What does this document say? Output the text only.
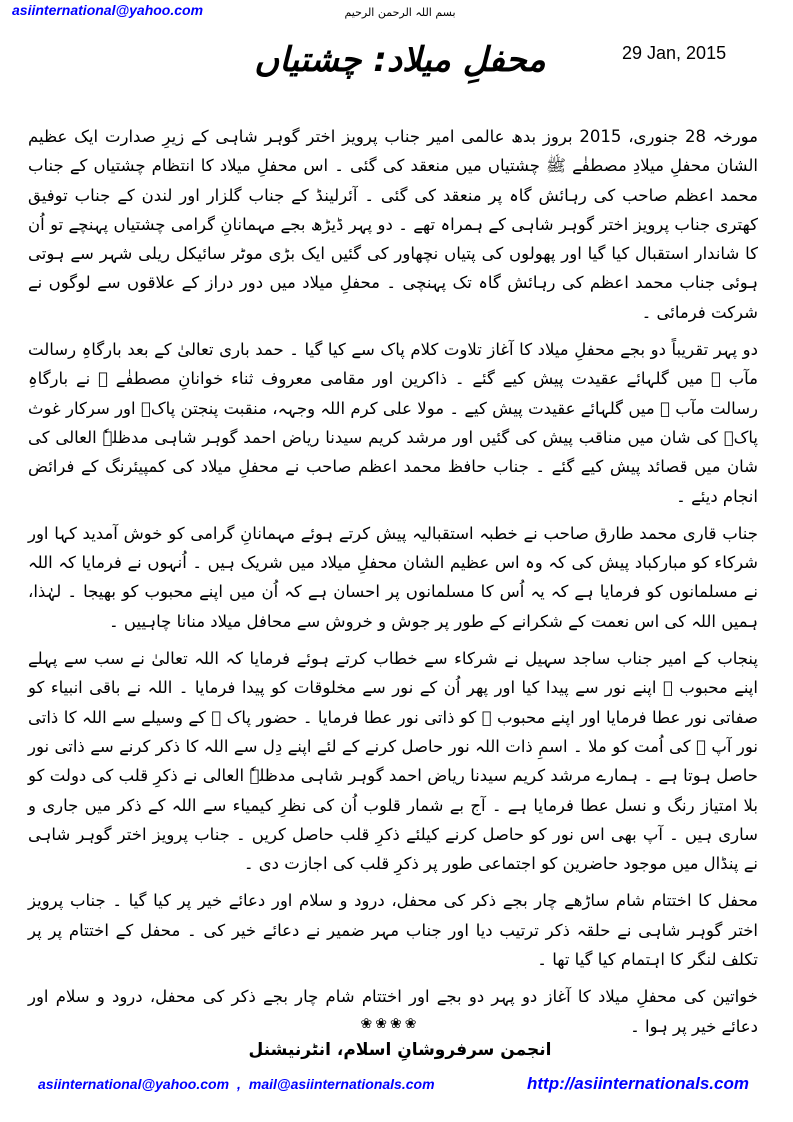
asiinternational@yahoo.com	بسم اللہ الرحمن الرحیم
29 Jan, 2015
محفلِ میلاد: چشتیاں

مورخہ 28 جنوری، 2015 بروز بدھ عالمی امیر جناب پرویز اختر گوہر شاہی کے زیرِ صدارت ایک عظیم الشان محفلِ میلادِ مصطفٰے ﷺ چشتیاں میں منعقد کی گئی ۔ اس محفلِ میلاد کا انتظام چشتیاں کے جناب محمد اعظم صاحب کی رہائش گاہ پر منعقد کی گئی ۔ آئرلینڈ کے جناب گلزار اور لندن کے جناب توفیق کھتری جناب پرویز اختر گوہر شاہی کے ہمراہ تھے ۔ دو پہر ڈیڑھ بجے مہمانانِ گرامی چشتیاں پہنچے تو اُن کا شاندار استقبال کیا گیا اور پھولوں کی پتیاں نچھاور کی گئیں ایک بڑی موٹر سائیکل ریلی شہر سے ہوتی ہوئی جناب محمد اعظم کی رہائش گاہ تک پہنچی ۔ محفلِ میلاد میں دور دراز کے علاقوں سے لوگوں نے شرکت فرمائی ۔

دو پہر تقریباً دو بجے محفلِ میلاد کا آغاز تلاوت کلام پاک سے کیا گیا ۔ حمد باری تعالیٰ کے بعد بارگاہِ رسالت مآب ﷺ میں گلہائے عقیدت پیش کیے گئے ۔ ذاکرین اور مقامی معروف ثناء خوانانِ مصطفٰے ﷺ نے بارگاہِ رسالت مآب ﷺ میں گلہائے عقیدت پیش کیے ۔ مولا علی کرم اللہ وجہہ، منقبت پنجتن پاکؑ اور سرکار غوث پاکؓ کی شان میں مناقب پیش کی گئیں اور مرشد کریم سیدنا ریاض احمد گوہر شاہی مدظلہٗ العالی کی شان میں قصائد پیش کیے گئے ۔ جناب حافظ محمد اعظم صاحب نے محفلِ میلاد کی کمپیئرنگ کے فرائض انجام دیئے ۔

جناب قاری محمد طارق صاحب نے خطبہ استقبالیہ پیش کرتے ہوئے مہمانانِ گرامی کو خوش آمدید کہا اور شرکاء کو مبارکباد پیش کی کہ وہ اس عظیم الشان محفلِ میلاد میں شریک ہیں ۔ اُنہوں نے فرمایا کہ اللہ نے مسلمانوں کو فرمایا ہے کہ یہ اُس کا مسلمانوں پر احسان ہے کہ اُن میں اپنے محبوب کو بھیجا ۔ لہٰذا، ہمیں اللہ کی اس نعمت کے شکرانے کے طور پر جوش و خروش سے محافل میلاد منانا چاہییں ۔

پنجاب کے امیر جناب ساجد سہیل نے شرکاء سے خطاب کرتے ہوئے فرمایا کہ اللہ تعالیٰ نے سب سے پہلے اپنے محبوب ﷺ اپنے نور سے پیدا کیا اور پھر اُن کے نور سے مخلوقات کو پیدا فرمایا ۔ اللہ نے باقی انبیاء کو صفاتی نور عطا فرمایا اور اپنے محبوب ﷺ کو ذاتی نور عطا فرمایا ۔ حضور پاک ﷺ کے وسیلے سے اللہ کا ذاتی نور آپ ﷺ کی اُمت کو ملا ۔ اسمِ ذات اللہ نور حاصل کرنے کے لئے اپنے دِل سے اللہ کا ذکر کرنے سے ذاتی نور حاصل ہوتا ہے ۔ ہمارے مرشد کریم سیدنا ریاض احمد گوہر شاہی مدظلہٗ العالی نے ذکرِ قلب کی دولت کو بلا امتیاز رنگ و نسل عطا فرمایا ہے ۔ آج بے شمار قلوب اُن کی نظرِ کیمیاء سے اللہ کے ذکر میں جاری و ساری ہیں ۔ آپ بھی اس نور کو حاصل کرنے کیلئے ذکرِ قلب حاصل کریں ۔ جناب پرویز اختر گوہر شاہی نے پنڈال میں موجود حاضرین کو اجتماعی طور پر ذکرِ قلب کی اجازت دی ۔

محفل کا اختتام شام ساڑھے چار بجے ذکر کی محفل، درود و سلام اور دعائے خیر پر کیا گیا ۔ جناب پرویز اختر گوہر شاہی نے حلقہ ذکر ترتیب دیا اور جناب مہر ضمیر نے دعائے خیر کی ۔ محفل کے اختتام پر پر تکلف لنگر کا اہتمام کیا گیا تھا ۔

خواتین کی محفلِ میلاد کا آغاز دو پہر دو بجے اور اختتام شام چار بجے ذکر کی محفل، درود و سلام اور دعائے خیر پر ہوا ۔

❀❀❀❀
انجمن سرفروشانِ اسلام، انٹرنیشنل
asiinternational@yahoo.com , mail@asiinternationals.com	http://asiinternationals.com
